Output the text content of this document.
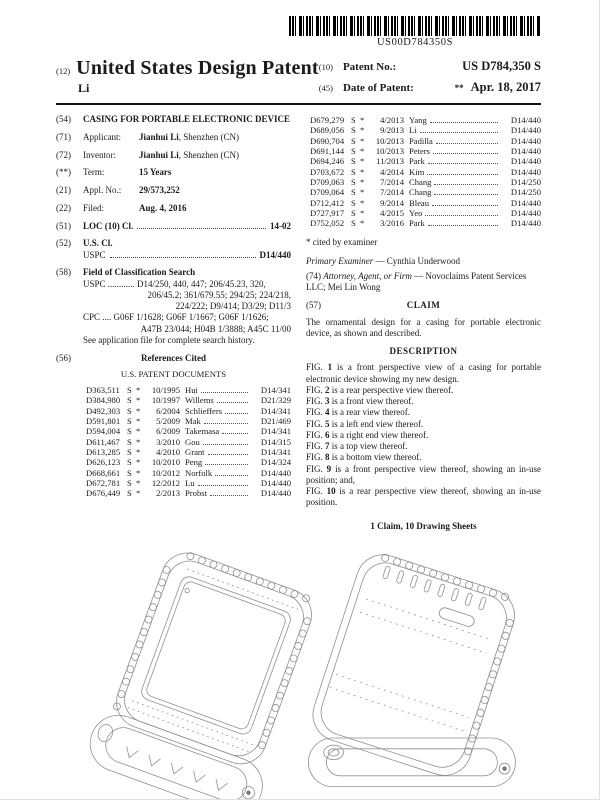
US00D784350S
(12) United States Design Patent
Li
(10) Patent No.:	US D784,350 S
(45) Date of Patent:	** Apr. 18, 2017
(54)	CASING FOR PORTABLE ELECTRONIC DEVICE
(71)	Applicant: Jianhui Li, Shenzhen (CN)
(72)	Inventor:	Jianhui Li, Shenzhen (CN)
(**)	Term:	15 Years
(21)	Appl. No.: 29/573,252
(22)	Filed:	Aug. 4, 2016
(51)	LOC (10) Cl.	14-02
(52)	U.S. Cl.
USPC	D14/440
(58)	Field of Classification Search
USPC ............ D14/250, 440, 447; 206/45.23, 320,
206/45.2; 361/679.55; 294/25; 224/218,
224/222; D9/414; D3/29; D11/3
CPC .... G06F 1/1628; G06F 1/1667; G06F 1/1626;
A47B 23/044; H04B 1/3888; A45C 11/00
See application file for complete search history.
(56)	References Cited
U.S. PATENT DOCUMENTS
D363,511 S *	10/1995 Hui	D14/341
D384,980 S *	10/1997 Willems	D21/329
D492,303 S *	6/2004 Schlieffers	D14/341
D591,801 S *	5/2009 Mak	D21/469
D594,004 S *	6/2009 Takemasa	D14/341
D611,467 S *	3/2010 Gou	D14/315
D613,285 S *	4/2010 Grant	D14/341
D626,123 S *	10/2010 Peng	D14/324
D668,661 S *	10/2012 Norfolk	D14/440
D672,781 S *	12/2012 Lu	D14/440
D676,449 S *	2/2013 Probst	D14/440
D679,279 S *	4/2013 Yang	D14/440
D689,056 S *	9/2013 Li	D14/440
D690,704 S *	10/2013 Padilla	D14/440
D691,144 S *	10/2013 Peters	D14/440
D694,246 S *	11/2013 Park	D14/440
D703,672 S *	4/2014 Kim	D14/440
D709,063 S *	7/2014 Chang	D14/250
D709,064 S *	7/2014 Chang	D14/250
D712,412 S *	9/2014 Bleau	D14/440
D727,917 S *	4/2015 Yeo	D14/440
D752,052 S *	3/2016 Park	D14/440
* cited by examiner
Primary Examiner — Cynthia Underwood
(74) Attorney, Agent, or Firm — Novoclaims Patent Services LLC; Mei Lin Wong
(57)	CLAIM
The ornamental design for a casing for portable electronic device, as shown and described.
DESCRIPTION
FIG. 1 is a front perspective view of a casing for portable electronic device showing my new design.
FIG. 2 is a rear perspective view thereof.
FIG. 3 is a front view thereof.
FIG. 4 is a rear view thereof.
FIG. 5 is a left end view thereof.
FIG. 6 is a right end view thereof.
FIG. 7 is a top view thereof.
FIG. 8 is a bottom view thereof.
FIG. 9 is a front perspective view thereof, showing an in-use position; and,
FIG. 10 is a rear perspective view thereof, showing an in-use position.
1 Claim, 10 Drawing Sheets
